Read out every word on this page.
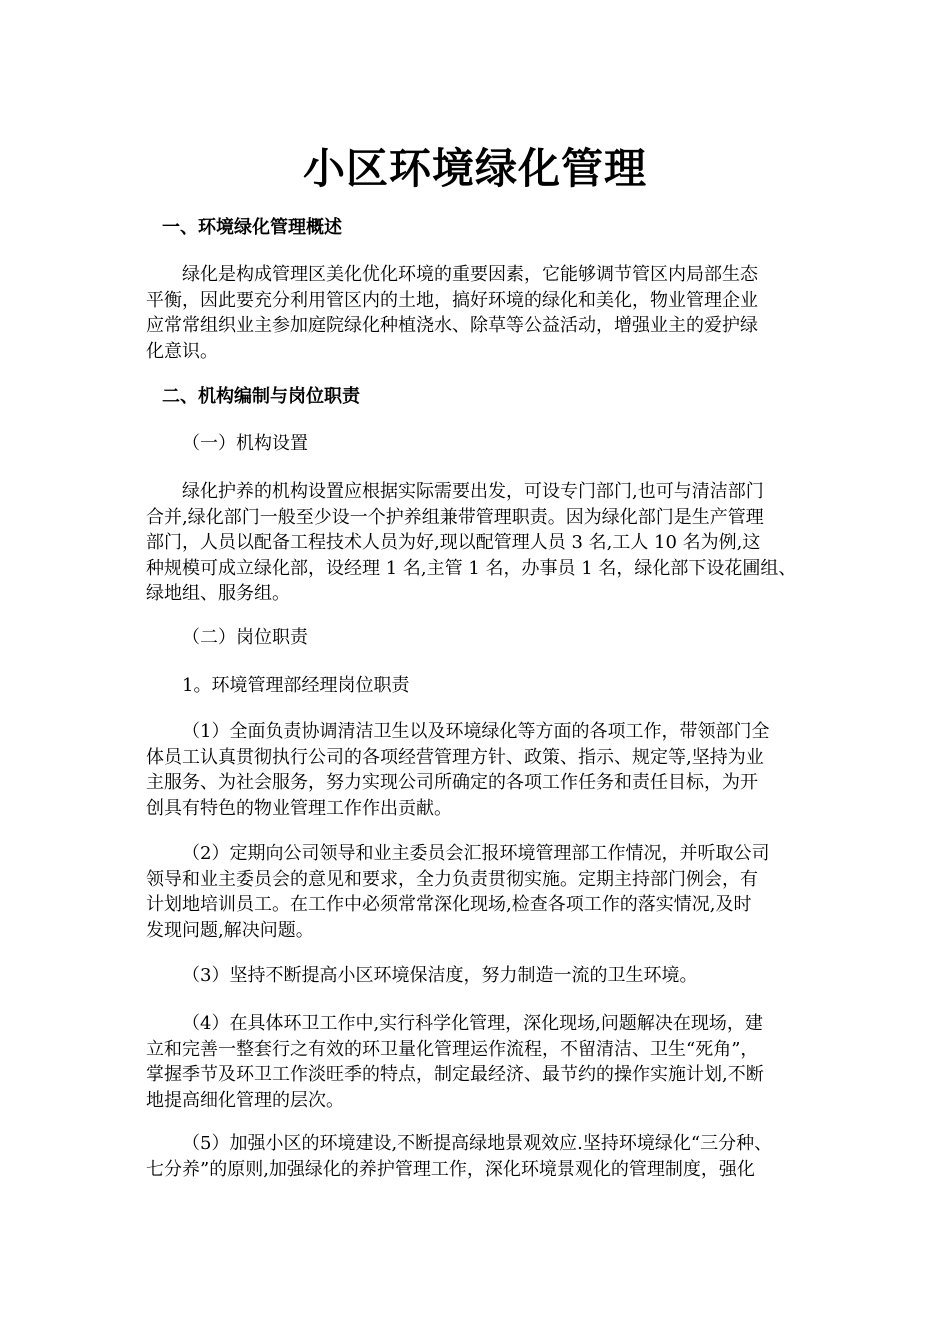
小区环境绿化管理
一、环境绿化管理概述
绿化是构成管理区美化优化环境的重要因素，它能够调节管区内局部生态
平衡，因此要充分利用管区内的土地，搞好环境的绿化和美化，物业管理企业
应常常组织业主参加庭院绿化种植浇水、除草等公益活动，增强业主的爱护绿
化意识。
二、机构编制与岗位职责

（一）机构设置

绿化护养的机构设置应根据实际需要出发，可设专门部门,也可与清洁部门
合并,绿化部门一般至少设一个护养组兼带管理职责。因为绿化部门是生产管理
部门，人员以配备工程技术人员为好,现以配管理人员 3 名,工人 10 名为例,这
种规模可成立绿化部，设经理 1 名,主管 1 名，办事员 1 名，绿化部下设花圃组、
绿地组、服务组。

（二）岗位职责

1。环境管理部经理岗位职责

（1）全面负责协调清洁卫生以及环境绿化等方面的各项工作，带领部门全
体员工认真贯彻执行公司的各项经营管理方针、政策、指示、规定等,坚持为业
主服务、为社会服务，努力实现公司所确定的各项工作任务和责任目标，为开
创具有特色的物业管理工作作出贡献。
（2）定期向公司领导和业主委员会汇报环境管理部工作情况，并听取公司
领导和业主委员会的意见和要求，全力负责贯彻实施。定期主持部门例会，有
计划地培训员工。在工作中必须常常深化现场,检查各项工作的落实情况,及时
发现问题,解决问题。
（3）坚持不断提高小区环境保洁度，努力制造一流的卫生环境。
（4）在具体环卫工作中,实行科学化管理，深化现场,问题解决在现场，建
立和完善一整套行之有效的环卫量化管理运作流程，不留清洁、卫生“死角”，
掌握季节及环卫工作淡旺季的特点，制定最经济、最节约的操作实施计划,不断
地提高细化管理的层次。
（5）加强小区的环境建设,不断提高绿地景观效应.坚持环境绿化“三分种、
七分养”的原则,加强绿化的养护管理工作，深化环境景观化的管理制度，强化
